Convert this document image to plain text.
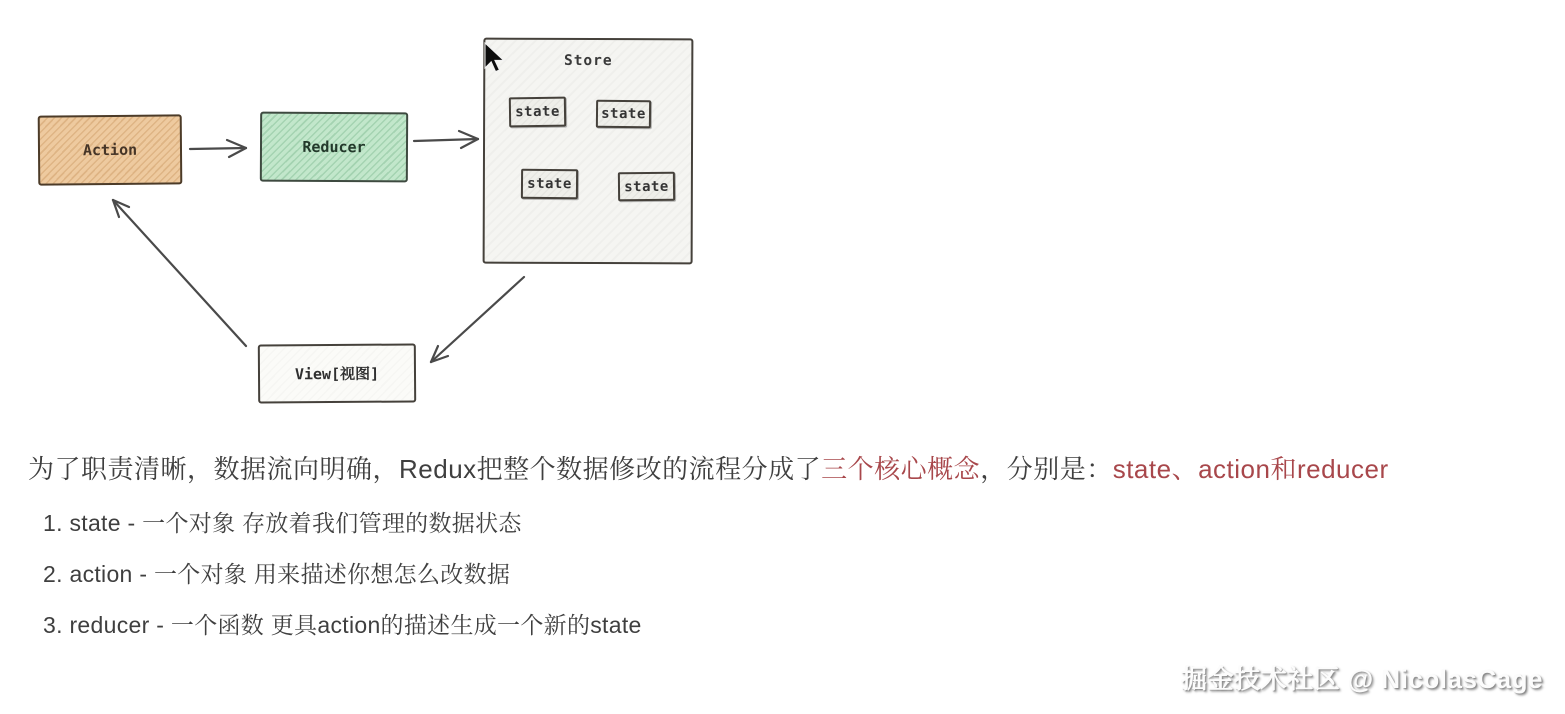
Action	Reducer
Store
state	state
state	state
View[视图]
为了职责清晰，数据流向明确，Redux把整个数据修改的流程分成了三个核心概念，分别是：state、action和reducer
1. state - 一个对象 存放着我们管理的数据状态
2. action - 一个对象 用来描述你想怎么改数据
3. reducer - 一个函数 更具action的描述生成一个新的state
掘金技术社区 @ NicolasCage
